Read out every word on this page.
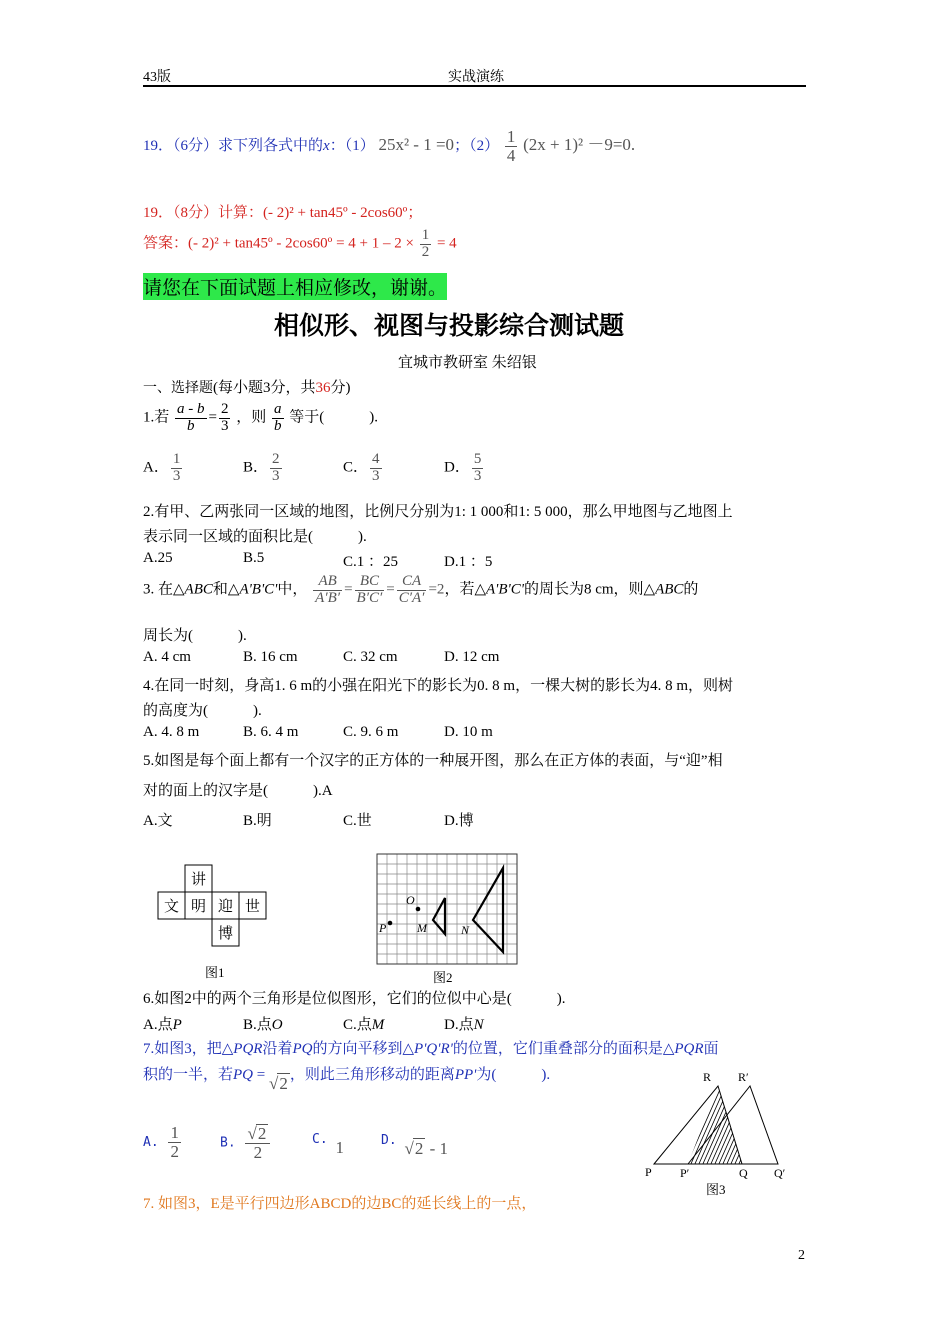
43版	实战演练
19．（6分）求下列各式中的x：（1） 25x² - 1 =0；$(2) \frac{1}{4} (2x + 1)^2 -9=0$.
19．（8分）计算：(- 2)² + tan45º - 2cos60º；
答案：(- 2)² + tan45º - 2cos60º = $4 + 1 - 2 \times \frac{1}{2} = 4$
请您在下面试题上相应修改，谢谢。
相似形、视图与投影综合测试题
宜城市教研室 朱绍银
一、选择题(每小题3分，共36分)
1.若 $\frac{a - b}{b} = \frac{2}{3}$ ，则 $\frac{a}{b}$ 等于(　　　).
A． $\frac{1}{3}$	B． $\frac{2}{3}$	C． $\frac{4}{3}$	D． $\frac{5}{3}$
2.有甲、乙两张同一区域的地图，比例尺分别为1: 1 000和1: 5 000，那么甲地图与乙地图上
表示同一区域的面积比是(　　　).
A.25	B.5	C.1 ：25	D.1 ：5
3. 在△ABC和△A'B'C'中， $\frac{AB}{A'B'} = \frac{BC}{B'C'} = \frac{CA}{C'A'} =2$，若△A'B'C'的周长为8 cm，则△ABC的
周长为(　　　).
A. 4 cm	B. 16 cm	C. 32 cm	D. 12 cm
4.在同一时刻，身高1. 6 m的小强在阳光下的影长为0. 8 m，一棵大树的影长为4. 8 m，则树
的高度为(　　　).
A. 4. 8 m	B. 6. 4 m	C. 9. 6 m	D. 10 m
5.如图是每个面上都有一个汉字的正方体的一种展开图，那么在正方体的表面，与“迎”相
对的面上的汉字是(　　　).A
A.文	B.明	C.世	D.博
讲
文 明 迎 世
博
图1
O
P	M	N
图2
6.如图2中的两个三角形是位似图形，它们的位似中心是(　　　).
A.点P	B.点O	C.点M	D.点N
7.如图3，把△PQR沿着PQ的方向平移到△P'Q'R'的位置，它们重叠部分的面积是△PQR面
积的一半，若PQ = √2 ，则此三角形移动的距离PP'为(　　　).
A. $\frac{1}{2}$	B. $\frac{√2}{2}$	C. 1	D. √2 - 1
R R′
P P′	Q Q′
图3
7. 如图3，E是平行四边形ABCD的边BC的延长线上的一点，
2
